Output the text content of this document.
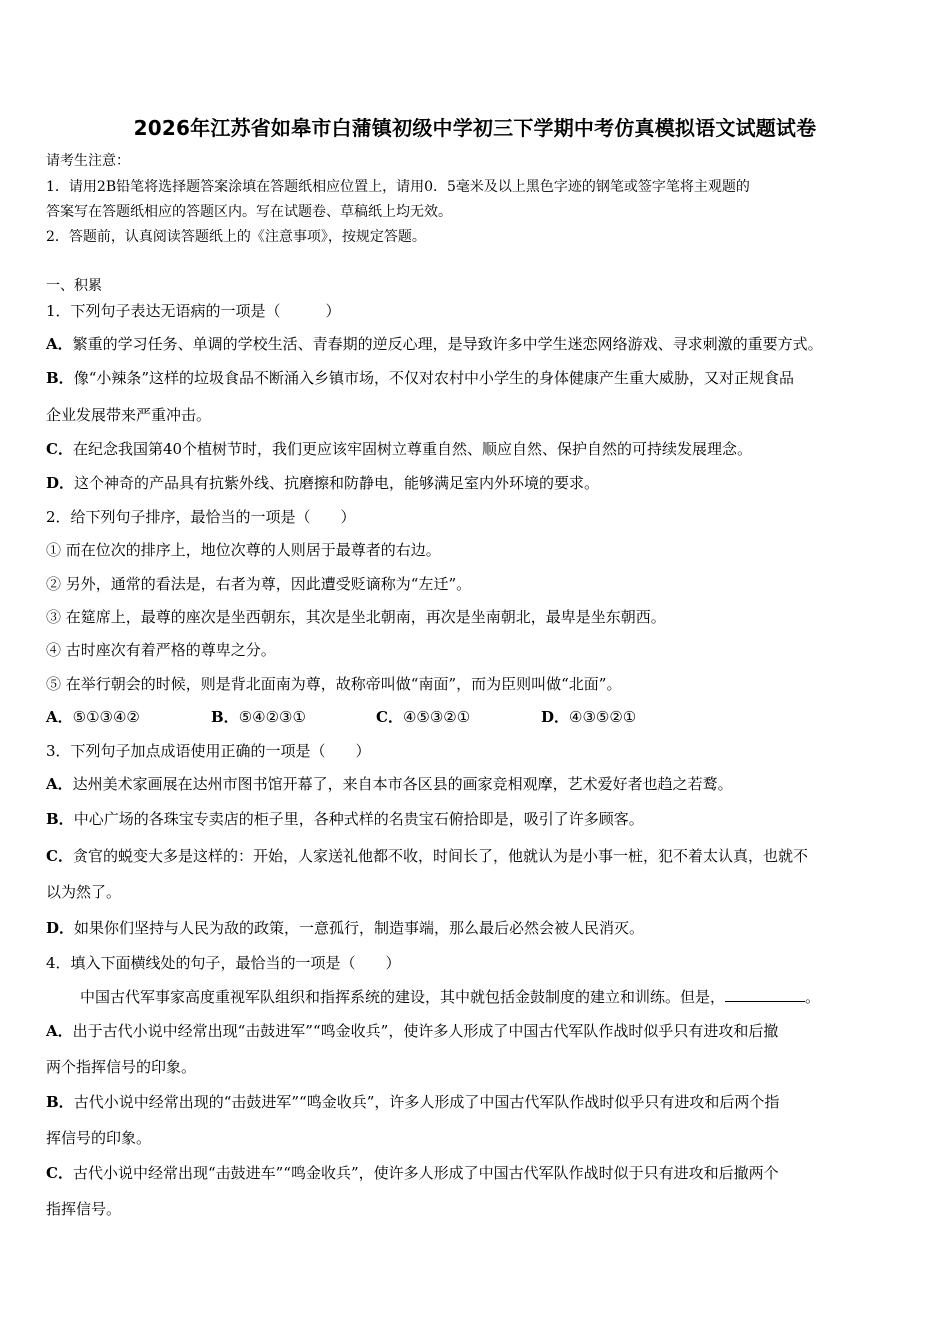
2026年江苏省如皋市白蒲镇初级中学初三下学期中考仿真模拟语文试题试卷
请考生注意：
1．请用2B铅笔将选择题答案涂填在答题纸相应位置上，请用0．5毫米及以上黑色字迹的钢笔或签字笔将主观题的
答案写在答题纸相应的答题区内。写在试题卷、草稿纸上均无效。
2．答题前，认真阅读答题纸上的《注意事项》，按规定答题。
一、积累
1．下列句子表达无语病的一项是（　　　）
A．繁重的学习任务、单调的学校生活、青春期的逆反心理，是导致许多中学生迷恋网络游戏、寻求刺激的重要方式。
B．像“小辣条”这样的垃圾食品不断涌入乡镇市场，不仅对农村中小学生的身体健康产生重大威胁，又对正规食品
企业发展带来严重冲击。
C．在纪念我国第40个植树节时，我们更应该牢固树立尊重自然、顺应自然、保护自然的可持续发展理念。
D．这个神奇的产品具有抗紫外线、抗磨擦和防静电，能够满足室内外环境的要求。
2．给下列句子排序，最恰当的一项是（　　）
① 而在位次的排序上，地位次尊的人则居于最尊者的右边。
② 另外，通常的看法是，右者为尊，因此遭受贬谪称为“左迁”。
③ 在筵席上，最尊的座次是坐西朝东，其次是坐北朝南，再次是坐南朝北，最卑是坐东朝西。
④ 古时座次有着严格的尊卑之分。
⑤ 在举行朝会的时候，则是背北面南为尊，故称帝叫做“南面”，而为臣则叫做“北面”。
A．⑤①③④②	B．⑤④②③①	C．④⑤③②①	D．④③⑤②①
3．下列句子加点成语使用正确的一项是（　　）
A．达州美术家画展在达州市图书馆开幕了，来自本市各区县的画家竞相观摩，艺术爱好者也趋之若鹜。
B．中心广场的各珠宝专卖店的柜子里，各种式样的名贵宝石俯拾即是，吸引了许多顾客。
C．贪官的蜕变大多是这样的：开始，人家送礼他都不收，时间长了，他就认为是小事一桩，犯不着太认真，也就不
以为然了。
D．如果你们坚持与人民为敌的政策，一意孤行，制造事端，那么最后必然会被人民消灭。
4．填入下面横线处的句子，最恰当的一项是（　　）
中国古代军事家高度重视军队组织和指挥系统的建设，其中就包括金鼓制度的建立和训练。但是，	。
A．出于古代小说中经常出现“击鼓进军”“鸣金收兵”，使许多人形成了中国古代军队作战时似乎只有进攻和后撤
两个指挥信号的印象。
B．古代小说中经常出现的“击鼓进军”“鸣金收兵”，许多人形成了中国古代军队作战时似乎只有进攻和后两个指
挥信号的印象。
C．古代小说中经常出现“击鼓进车”“鸣金收兵”，使许多人形成了中国古代军队作战时似于只有进攻和后撤两个
指挥信号。
